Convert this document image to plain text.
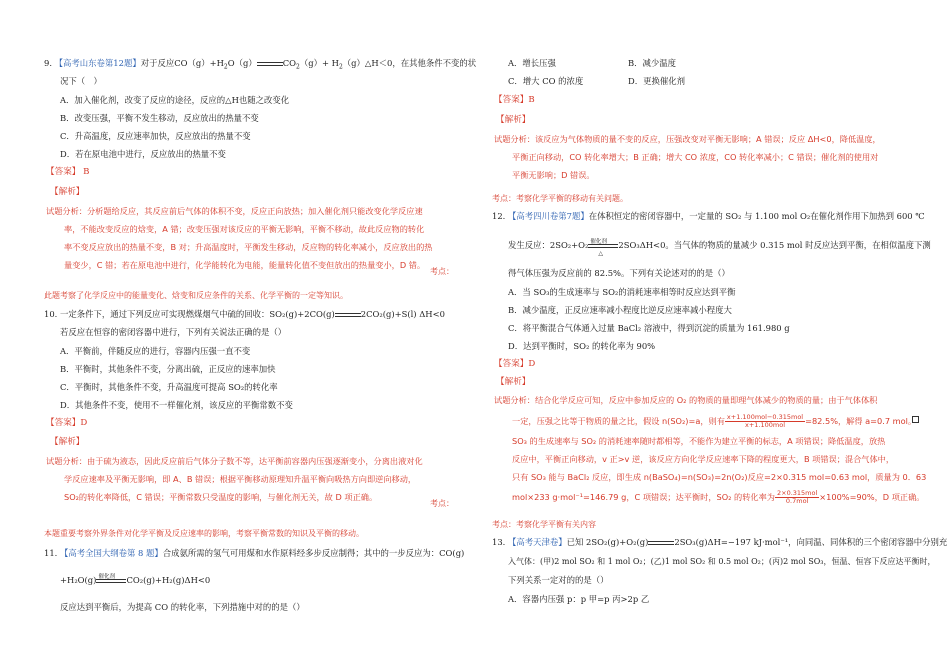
9. 【高考山东卷第12题】对于反应$CO(g)+H_2O(g)$	$CO_2(g)+$ $H_2(g)\triangle H<0$，在其他条件不变的状
况下（　）
A．加入催化剂，改变了反应的途径，反应的△H也随之改变化
B．改变压强，平衡不发生移动，反应放出的热量不变
C．升高温度，反应速率加快，反应放出的热量不变
D．若在原电池中进行，反应放出的热量不变
【答案】 B
【解析】
试题分析：分析题给反应，其反应前后气体的体积不变，反应正向放热；加入催化剂只能改变化学反应速
率，不能改变反应的焓变，A 错；改变压强对该反应的平衡无影响，平衡不移动，故此反应物的转化
率不变反应放出的热量不变，B 对；升高温度时，平衡发生移动，反应物的转化率减小，反应放出的热
量变少，C 错；若在原电池中进行，化学能转化为电能，能量转化值不变但放出的热量变小，D 错。
考点：
此题考察了化学反应中的能量变化、焓变和反应条件的关系、化学平衡的一定等知识。
10. 一定条件下，通过下列反应可实现燃煤烟气中硫的回收：SO₂(g)+2CO(g)	2CO₂(g)+S(l) ΔH<0
若反应在恒容的密闭容器中进行，下列有关说法正确的是（）
A．平衡前，伴随反应的进行，容器内压强一直不变
B．平衡时，其他条件不变，分离出硫，正反应的速率加快
C．平衡时，其他条件不变，升高温度可提高 SO₂的转化率
D．其他条件不变，使用不一样催化剂，该反应的平衡常数不变
【答案】D
【解析】
试题分析：由于硫为液态，因此反应前后气体分子数不等，达平衡前容器内压强逐渐变小，分离出液对化
学反应速率及平衡无影响，即 A、B 错误；根据平衡移动原理知升温平衡向吸热方向即逆向移动，
SO₂的转化率降低，C 错误；平衡常数只受温度的影响，与催化剂无关，故 D 项正确。
考点：
本题重要考察外界条件对化学平衡及反应速率的影响，考察平衡常数的知识及平衡的移动。
11. 【高考全国大纲卷第 8 题】合成氨所需的氢气可用煤和水作原料经多步反应制得；其中的一步反应为：CO(g)
+H₂O(g) 催化剂 CO₂(g)+H₂(g)ΔH<0
反应达到平衡后，为提高 CO 的转化率，下列措施中对的的是（）
A．增长压强	B．减少温度
C．增大 CO 的浓度	D．更换催化剂
【答案】B
【解析】
试题分析：该反应为气体物质的量不变的反应，压强改变对平衡无影响；A 错误；反应 ΔH<0，降低温度，
平衡正向移动，CO 转化率增大；B 正确；增大 CO 浓度，CO 转化率减小；C 错误；催化剂的使用对
平衡无影响；D 错误。
考点：考察化学平衡的移动有关问题。
12. 【高考四川卷第7题】在体积恒定的密闭容器中，一定量的 SO₂ 与 1.100 mol O₂在催化剂作用下加热到 600 ℃
发生反应：2SO₂+O₂ 催化剂
△
2SO₃ΔH<0。当气体的物质的量减少 0.315 mol 时反应达到平衡，在相似温度下测
得气体压强为反应前的 82.5%。下列有关论述对的的是（）
A．当 SO₃的生成速率与 SO₂的消耗速率相等时反应达到平衡
B．减少温度，正反应速率减小程度比逆反应速率减小程度大
C．将平衡混合气体通入过量 BaCl₂ 溶液中，得到沉淀的质量为 161.980 g
D．达到平衡时，SO₂ 的转化率为 90%
【答案】D
【解析】
试题分析：结合化学反应可知，反应中参加反应的 O₂ 的物质的量即理气体减少的物质的量；由于气体体积
一定，压强之比等于物质的量之比，假设 n(SO₂)=a，则有 $\frac{\text{x+1.100mol−0.315mol}}{\text{x+1.100mol}} =82.5\%$，解得 a=0.7 mol。
SO₃ 的生成速率与 SO₂ 的消耗速率随时都相等，不能作为建立平衡的标志，A 项错误；降低温度，放热
反应中，平衡正向移动，v 正>v 逆，该反应方向化学反应速率下降的程度更大，B 项错误；混合气体中，
只有 SO₃ 能与 BaCl₂ 反应，即生成 n(BaSO₄)=n(SO₃)=2n(O₂)反应=2×0.315 mol=0.63 mol，质量为 0．63
mol×233 g·mol⁻¹=146.79 g，C 项错误；达平衡时，SO₂ 的转化率为 $\frac{\text{2×0.315mol}}{\text{0.7mol}} \times 100\%=90\%$，D 项正确。
考点：考察化学平衡有关内容
13. 【高考天津卷】已知 2SO₂(g)+O₂(g)	2SO₃(g)ΔH=−197 kJ·mol⁻¹，向同温、同体积的三个密闭容器中分别充
入气体：(甲)2 mol SO₂ 和 1 mol O₂；(乙)1 mol SO₂ 和 0.5 mol O₂；(丙)2 mol SO₃，恒温、恒容下反应达平衡时，
下列关系一定对的的是（）
A．容器内压强 p：p 甲=p 丙>2p 乙
